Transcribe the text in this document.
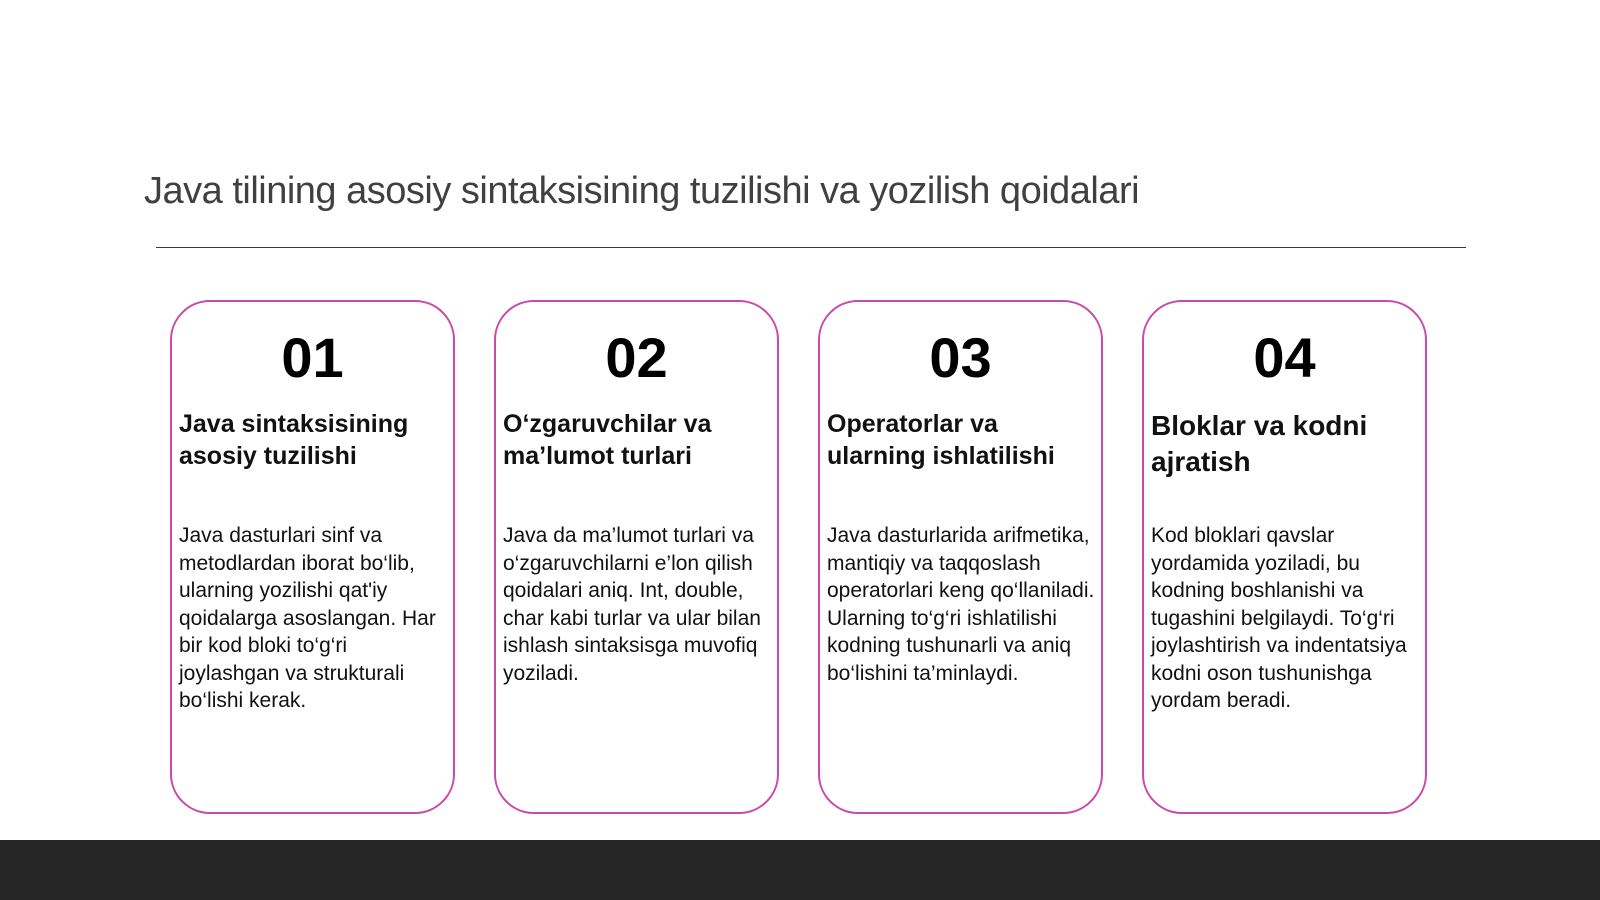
Java tilining asosiy sintaksisining tuzilishi va yozilish qoidalari
01
Java sintaksisining asosiy tuzilishi
Java dasturlari sinf va metodlardan iborat bo‘lib, ularning yozilishi qat'iy qoidalarga asoslangan. Har bir kod bloki to‘g‘ri joylashgan va strukturali bo‘lishi kerak.
02
O‘zgaruvchilar va ma’lumot turlari
Java da ma’lumot turlari va o‘zgaruvchilarni e’lon qilish qoidalari aniq. Int, double, char kabi turlar va ular bilan ishlash sintaksisga muvofiq yoziladi.
03
Operatorlar va ularning ishlatilishi
Java dasturlarida arifmetika, mantiqiy va taqqoslash operatorlari keng qo‘llaniladi. Ularning to‘g‘ri ishlatilishi kodning tushunarli va aniq bo‘lishini ta’minlaydi.
04
Bloklar va kodni ajratish
Kod bloklari qavslar yordamida yoziladi, bu kodning boshlanishi va tugashini belgilaydi. To‘g‘ri joylashtirish va indentatsiya kodni oson tushunishga yordam beradi.
